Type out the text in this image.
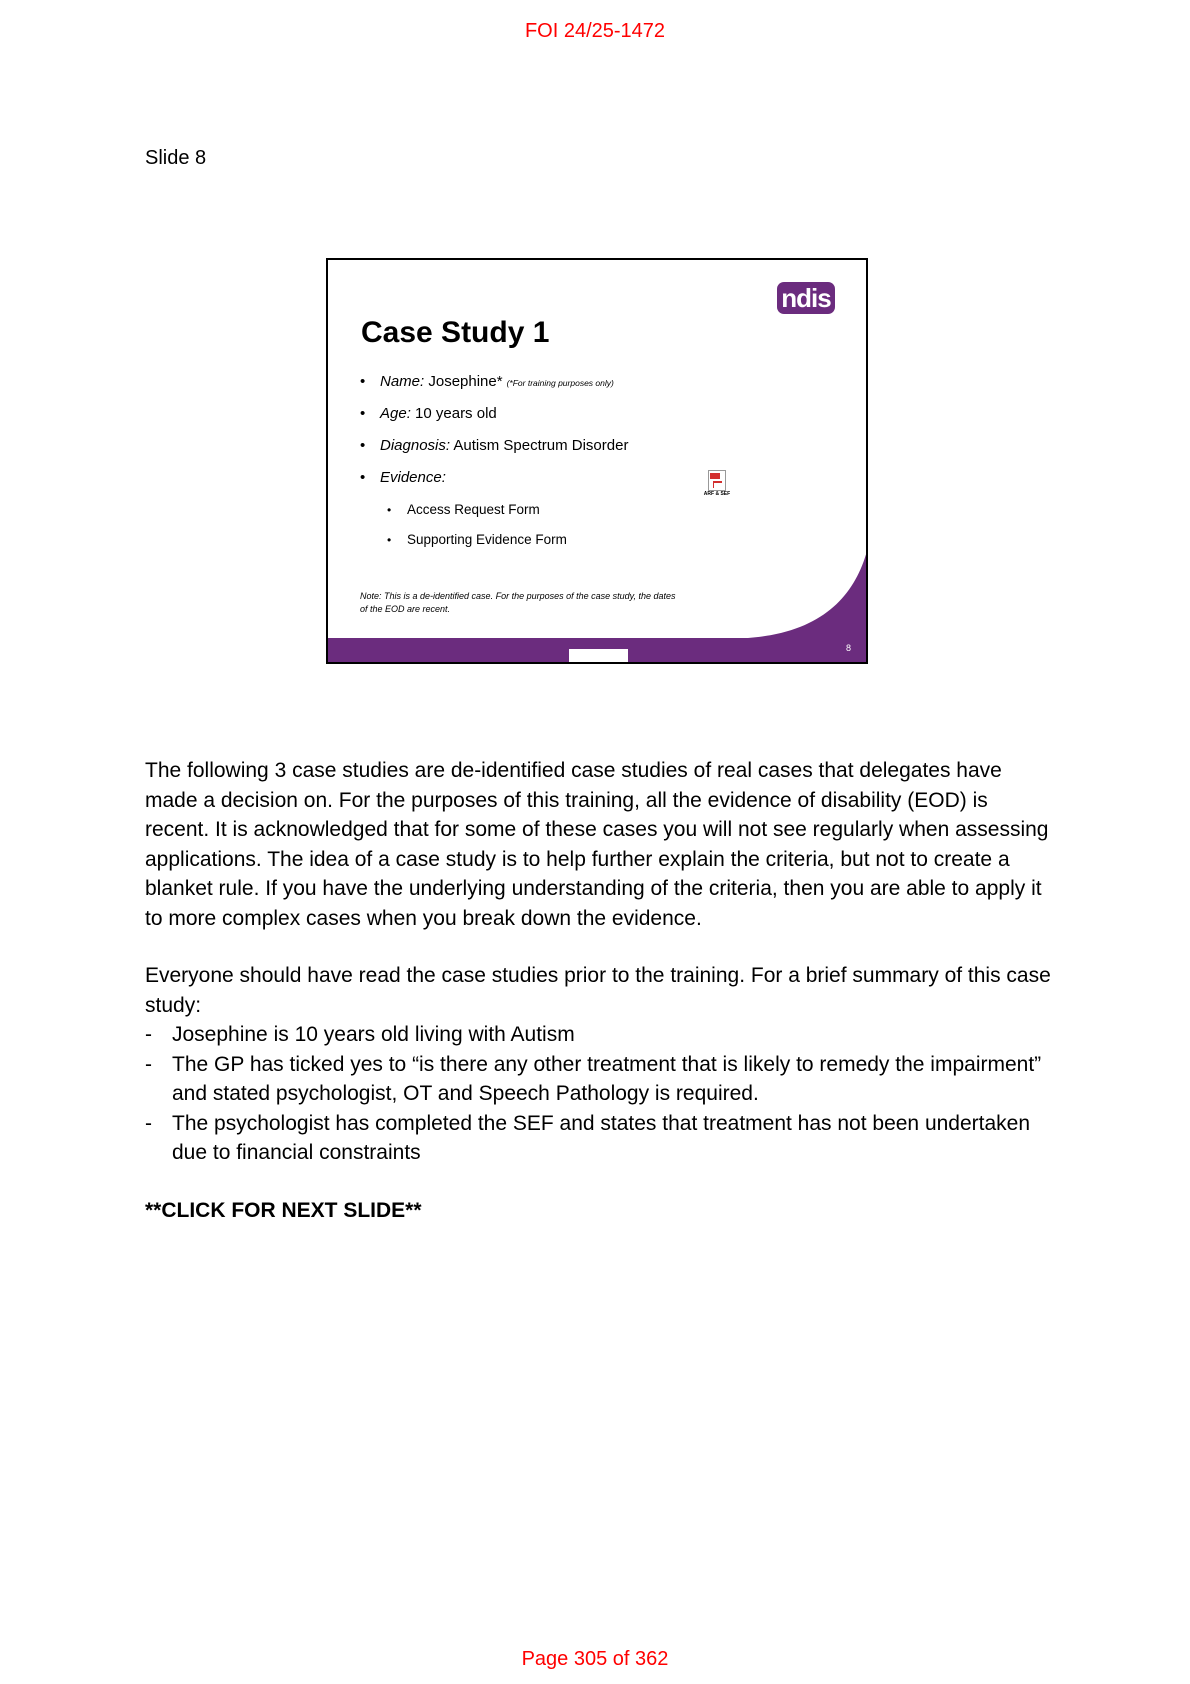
FOI 24/25-1472
Slide 8
ndis
Case Study 1
• Name: Josephine* (*For training purposes only)
• Age: 10 years old
• Diagnosis: Autism Spectrum Disorder
• Evidence:
• Access Request Form
• Supporting Evidence Form
ARF & SEF
Note: This is a de-identified case. For the purposes of the case study, the dates of the EOD are recent.
8

The following 3 case studies are de-identified case studies of real cases that delegates have made a decision on. For the purposes of this training, all the evidence of disability (EOD) is recent. It is acknowledged that for some of these cases you will not see regularly when assessing applications. The idea of a case study is to help further explain the criteria, but not to create a blanket rule. If you have the underlying understanding of the criteria, then you are able to apply it to more complex cases when you break down the evidence.

Everyone should have read the case studies prior to the training. For a brief summary of this case study:

- Josephine is 10 years old living with Autism
- The GP has ticked yes to “is there any other treatment that is likely to remedy the impairment” and stated psychologist, OT and Speech Pathology is required.
- The psychologist has completed the SEF and states that treatment has not been undertaken due to financial constraints

**CLICK FOR NEXT SLIDE**

Page 305 of 362
